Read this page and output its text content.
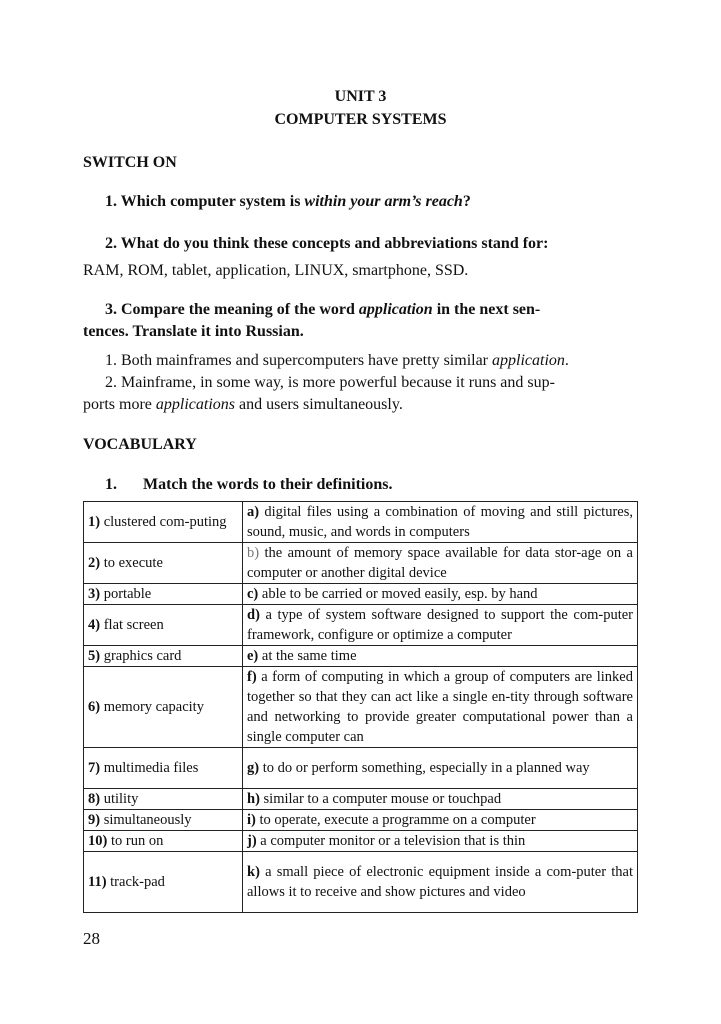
UNIT 3
COMPUTER SYSTEMS
SWITCH ON
1. Which computer system is within your arm’s reach?
2. What do you think these concepts and abbreviations stand for:
RAM, ROM, tablet, application, LINUX, smartphone, SSD.
3. Compare the meaning of the word application in the next sen-
tences. Translate it into Russian.
1. Both mainframes and supercomputers have pretty similar application.
2. Mainframe, in some way, is more powerful because it runs and sup-
ports more applications and users simultaneously.
VOCABULARY
1. Match the words to their definitions.
1) clustered com-puting	a) digital files using a combination of moving and still pictures, sound, music, and words in computers
2) to execute	b) the amount of memory space available for data stor-age on a computer or another digital device
3) portable	c) able to be carried or moved easily, esp. by hand
4) flat screen	d) a type of system software designed to support the com-puter framework, configure or optimize a computer
5) graphics card	e) at the same time
6) memory capacity	f) a form of computing in which a group of computers are linked together so that they can act like a single en-tity through software and networking to provide greater computational power than a single computer can
7) multimedia files	g) to do or perform something, especially in a planned way
8) utility	h) similar to a computer mouse or touchpad
9) simultaneously	i) to operate, execute a programme on a computer
10) to run on	j) a computer monitor or a television that is thin
11) track-pad	k) a small piece of electronic equipment inside a com-puter that allows it to receive and show pictures and video
28
